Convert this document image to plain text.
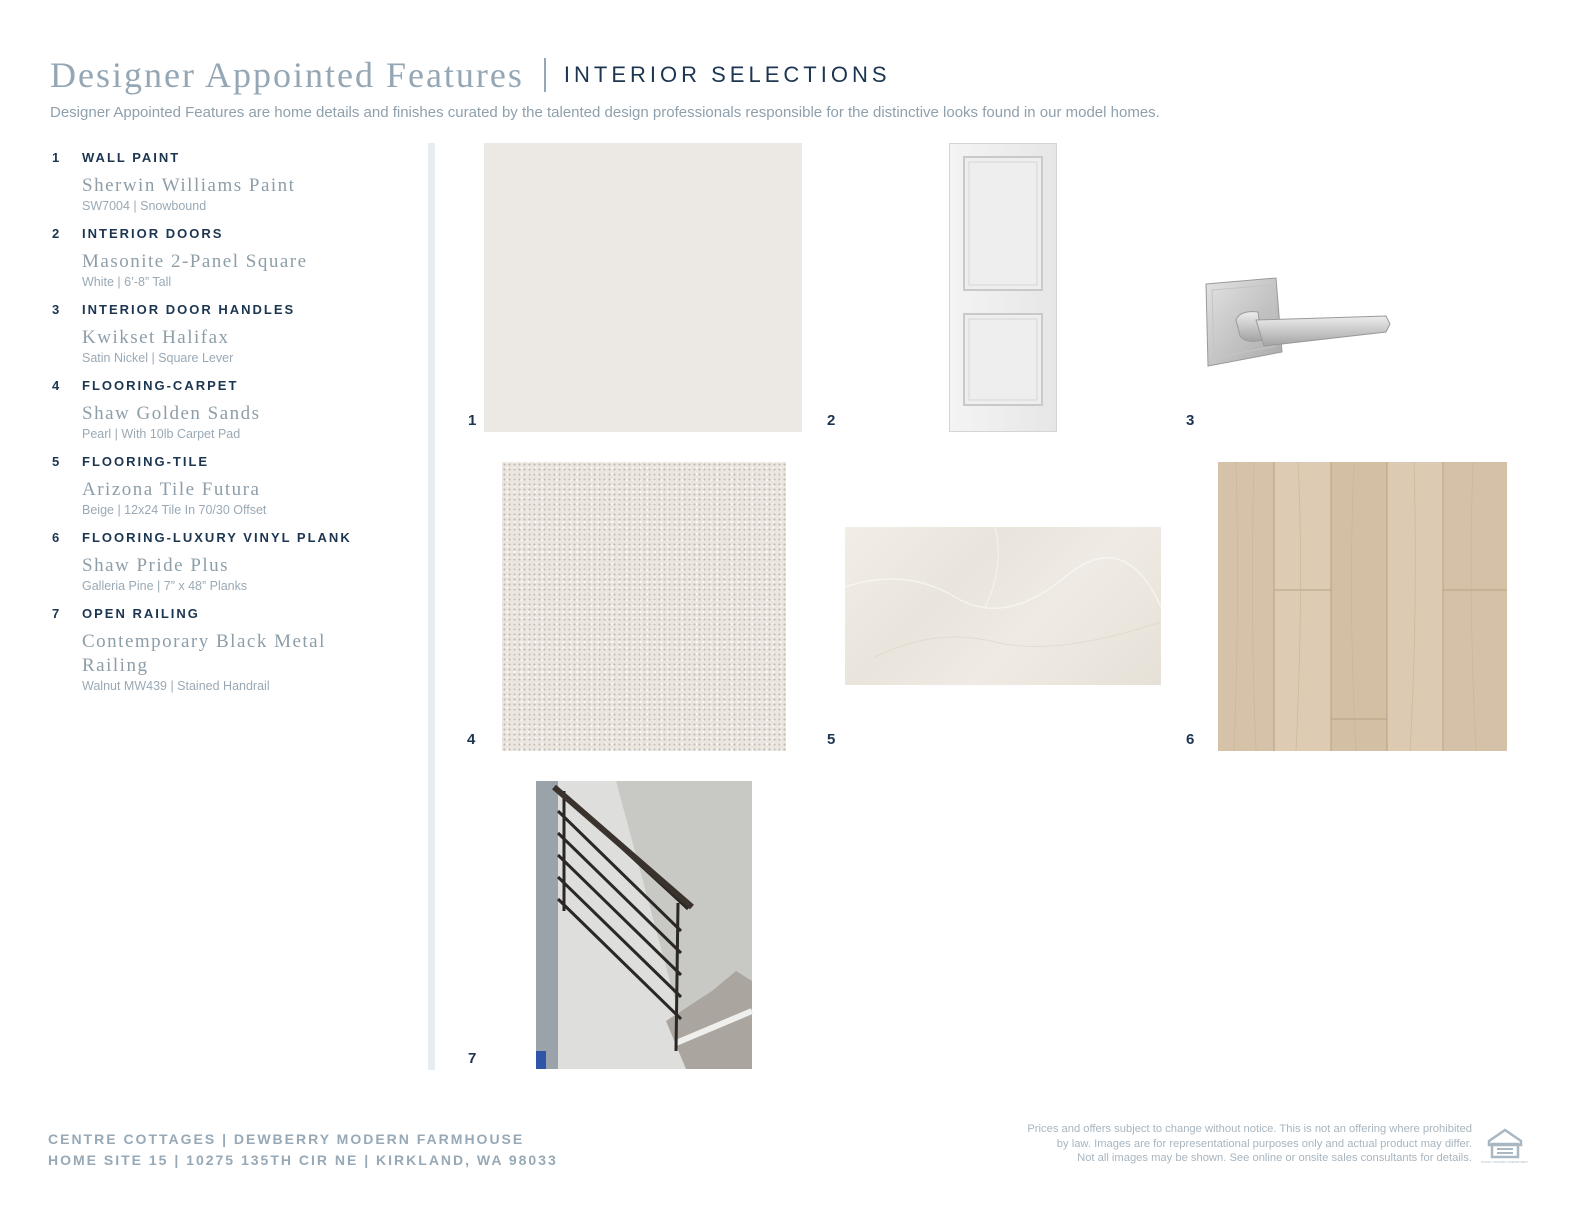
Designer Appointed Features INTERIOR SELECTIONS
Designer Appointed Features are home details and finishes curated by the talented design professionals responsible for the distinctive looks found in our model homes.
1 WALL PAINT
Sherwin Williams Paint
SW7004 | Snowbound
2 INTERIOR DOORS
Masonite 2-Panel Square
White | 6’-8” Tall
3 INTERIOR DOOR HANDLES
Kwikset Halifax
Satin Nickel | Square Lever
4 FLOORING-CARPET
Shaw Golden Sands
Pearl | With 10lb Carpet Pad
5 FLOORING-TILE
Arizona Tile Futura
Beige | 12x24 Tile In 70/30 Offset
6 FLOORING-LUXURY VINYL PLANK
Shaw Pride Plus
Galleria Pine | 7” x 48” Planks
7 OPEN RAILING
Contemporary Black Metal
Railing
Walnut MW439 | Stained Handrail
1	2	3
4	5	6
7
CENTRE COTTAGES | DEWBERRY MODERN FARMHOUSE
HOME SITE 15 | 10275 135TH CIR NE | KIRKLAND, WA 98033
Prices and offers subject to change without notice. This is not an offering where prohibited
by law. Images are for representational purposes only and actual product may differ.
Not all images may be shown. See online or onsite sales consultants for details.	EQUAL HOUSING OPPORTUNITY
